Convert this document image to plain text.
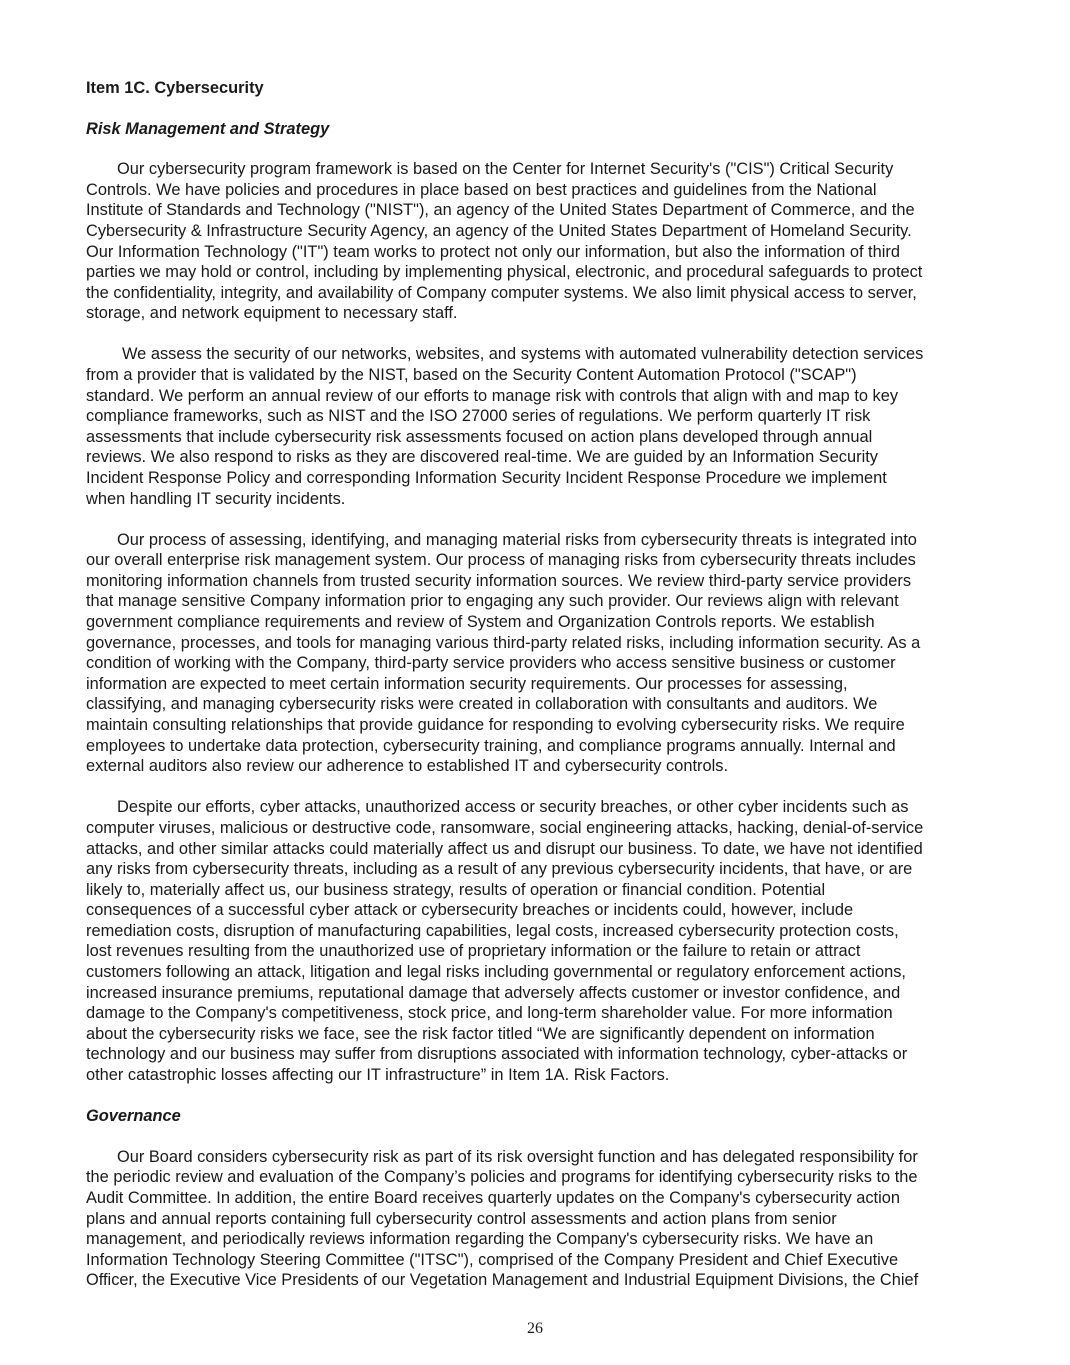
Item 1C. Cybersecurity
Risk Management and Strategy
Our cybersecurity program framework is based on the Center for Internet Security's ("CIS") Critical Security
Controls. We have policies and procedures in place based on best practices and guidelines from the National
Institute of Standards and Technology ("NIST"), an agency of the United States Department of Commerce, and the
Cybersecurity & Infrastructure Security Agency, an agency of the United States Department of Homeland Security.
Our Information Technology ("IT") team works to protect not only our information, but also the information of third
parties we may hold or control, including by implementing physical, electronic, and procedural safeguards to protect
the confidentiality, integrity, and availability of Company computer systems. We also limit physical access to server,
storage, and network equipment to necessary staff.
We assess the security of our networks, websites, and systems with automated vulnerability detection services
from a provider that is validated by the NIST, based on the Security Content Automation Protocol ("SCAP")
standard. We perform an annual review of our efforts to manage risk with controls that align with and map to key
compliance frameworks, such as NIST and the ISO 27000 series of regulations. We perform quarterly IT risk
assessments that include cybersecurity risk assessments focused on action plans developed through annual
reviews. We also respond to risks as they are discovered real-time. We are guided by an Information Security
Incident Response Policy and corresponding Information Security Incident Response Procedure we implement
when handling IT security incidents.
Our process of assessing, identifying, and managing material risks from cybersecurity threats is integrated into
our overall enterprise risk management system. Our process of managing risks from cybersecurity threats includes
monitoring information channels from trusted security information sources. We review third-party service providers
that manage sensitive Company information prior to engaging any such provider. Our reviews align with relevant
government compliance requirements and review of System and Organization Controls reports. We establish
governance, processes, and tools for managing various third-party related risks, including information security. As a
condition of working with the Company, third-party service providers who access sensitive business or customer
information are expected to meet certain information security requirements. Our processes for assessing,
classifying, and managing cybersecurity risks were created in collaboration with consultants and auditors. We
maintain consulting relationships that provide guidance for responding to evolving cybersecurity risks. We require
employees to undertake data protection, cybersecurity training, and compliance programs annually. Internal and
external auditors also review our adherence to established IT and cybersecurity controls.
Despite our efforts, cyber attacks, unauthorized access or security breaches, or other cyber incidents such as
computer viruses, malicious or destructive code, ransomware, social engineering attacks, hacking, denial-of-service
attacks, and other similar attacks could materially affect us and disrupt our business. To date, we have not identified
any risks from cybersecurity threats, including as a result of any previous cybersecurity incidents, that have, or are
likely to, materially affect us, our business strategy, results of operation or financial condition. Potential
consequences of a successful cyber attack or cybersecurity breaches or incidents could, however, include
remediation costs, disruption of manufacturing capabilities, legal costs, increased cybersecurity protection costs,
lost revenues resulting from the unauthorized use of proprietary information or the failure to retain or attract
customers following an attack, litigation and legal risks including governmental or regulatory enforcement actions,
increased insurance premiums, reputational damage that adversely affects customer or investor confidence, and
damage to the Company's competitiveness, stock price, and long-term shareholder value. For more information
about the cybersecurity risks we face, see the risk factor titled “We are significantly dependent on information
technology and our business may suffer from disruptions associated with information technology, cyber-attacks or
other catastrophic losses affecting our IT infrastructure” in Item 1A. Risk Factors.
Governance
Our Board considers cybersecurity risk as part of its risk oversight function and has delegated responsibility for
the periodic review and evaluation of the Company’s policies and programs for identifying cybersecurity risks to the
Audit Committee. In addition, the entire Board receives quarterly updates on the Company's cybersecurity action
plans and annual reports containing full cybersecurity control assessments and action plans from senior
management, and periodically reviews information regarding the Company's cybersecurity risks. We have an
Information Technology Steering Committee ("ITSC"), comprised of the Company President and Chief Executive
Officer, the Executive Vice Presidents of our Vegetation Management and Industrial Equipment Divisions, the Chief
26
